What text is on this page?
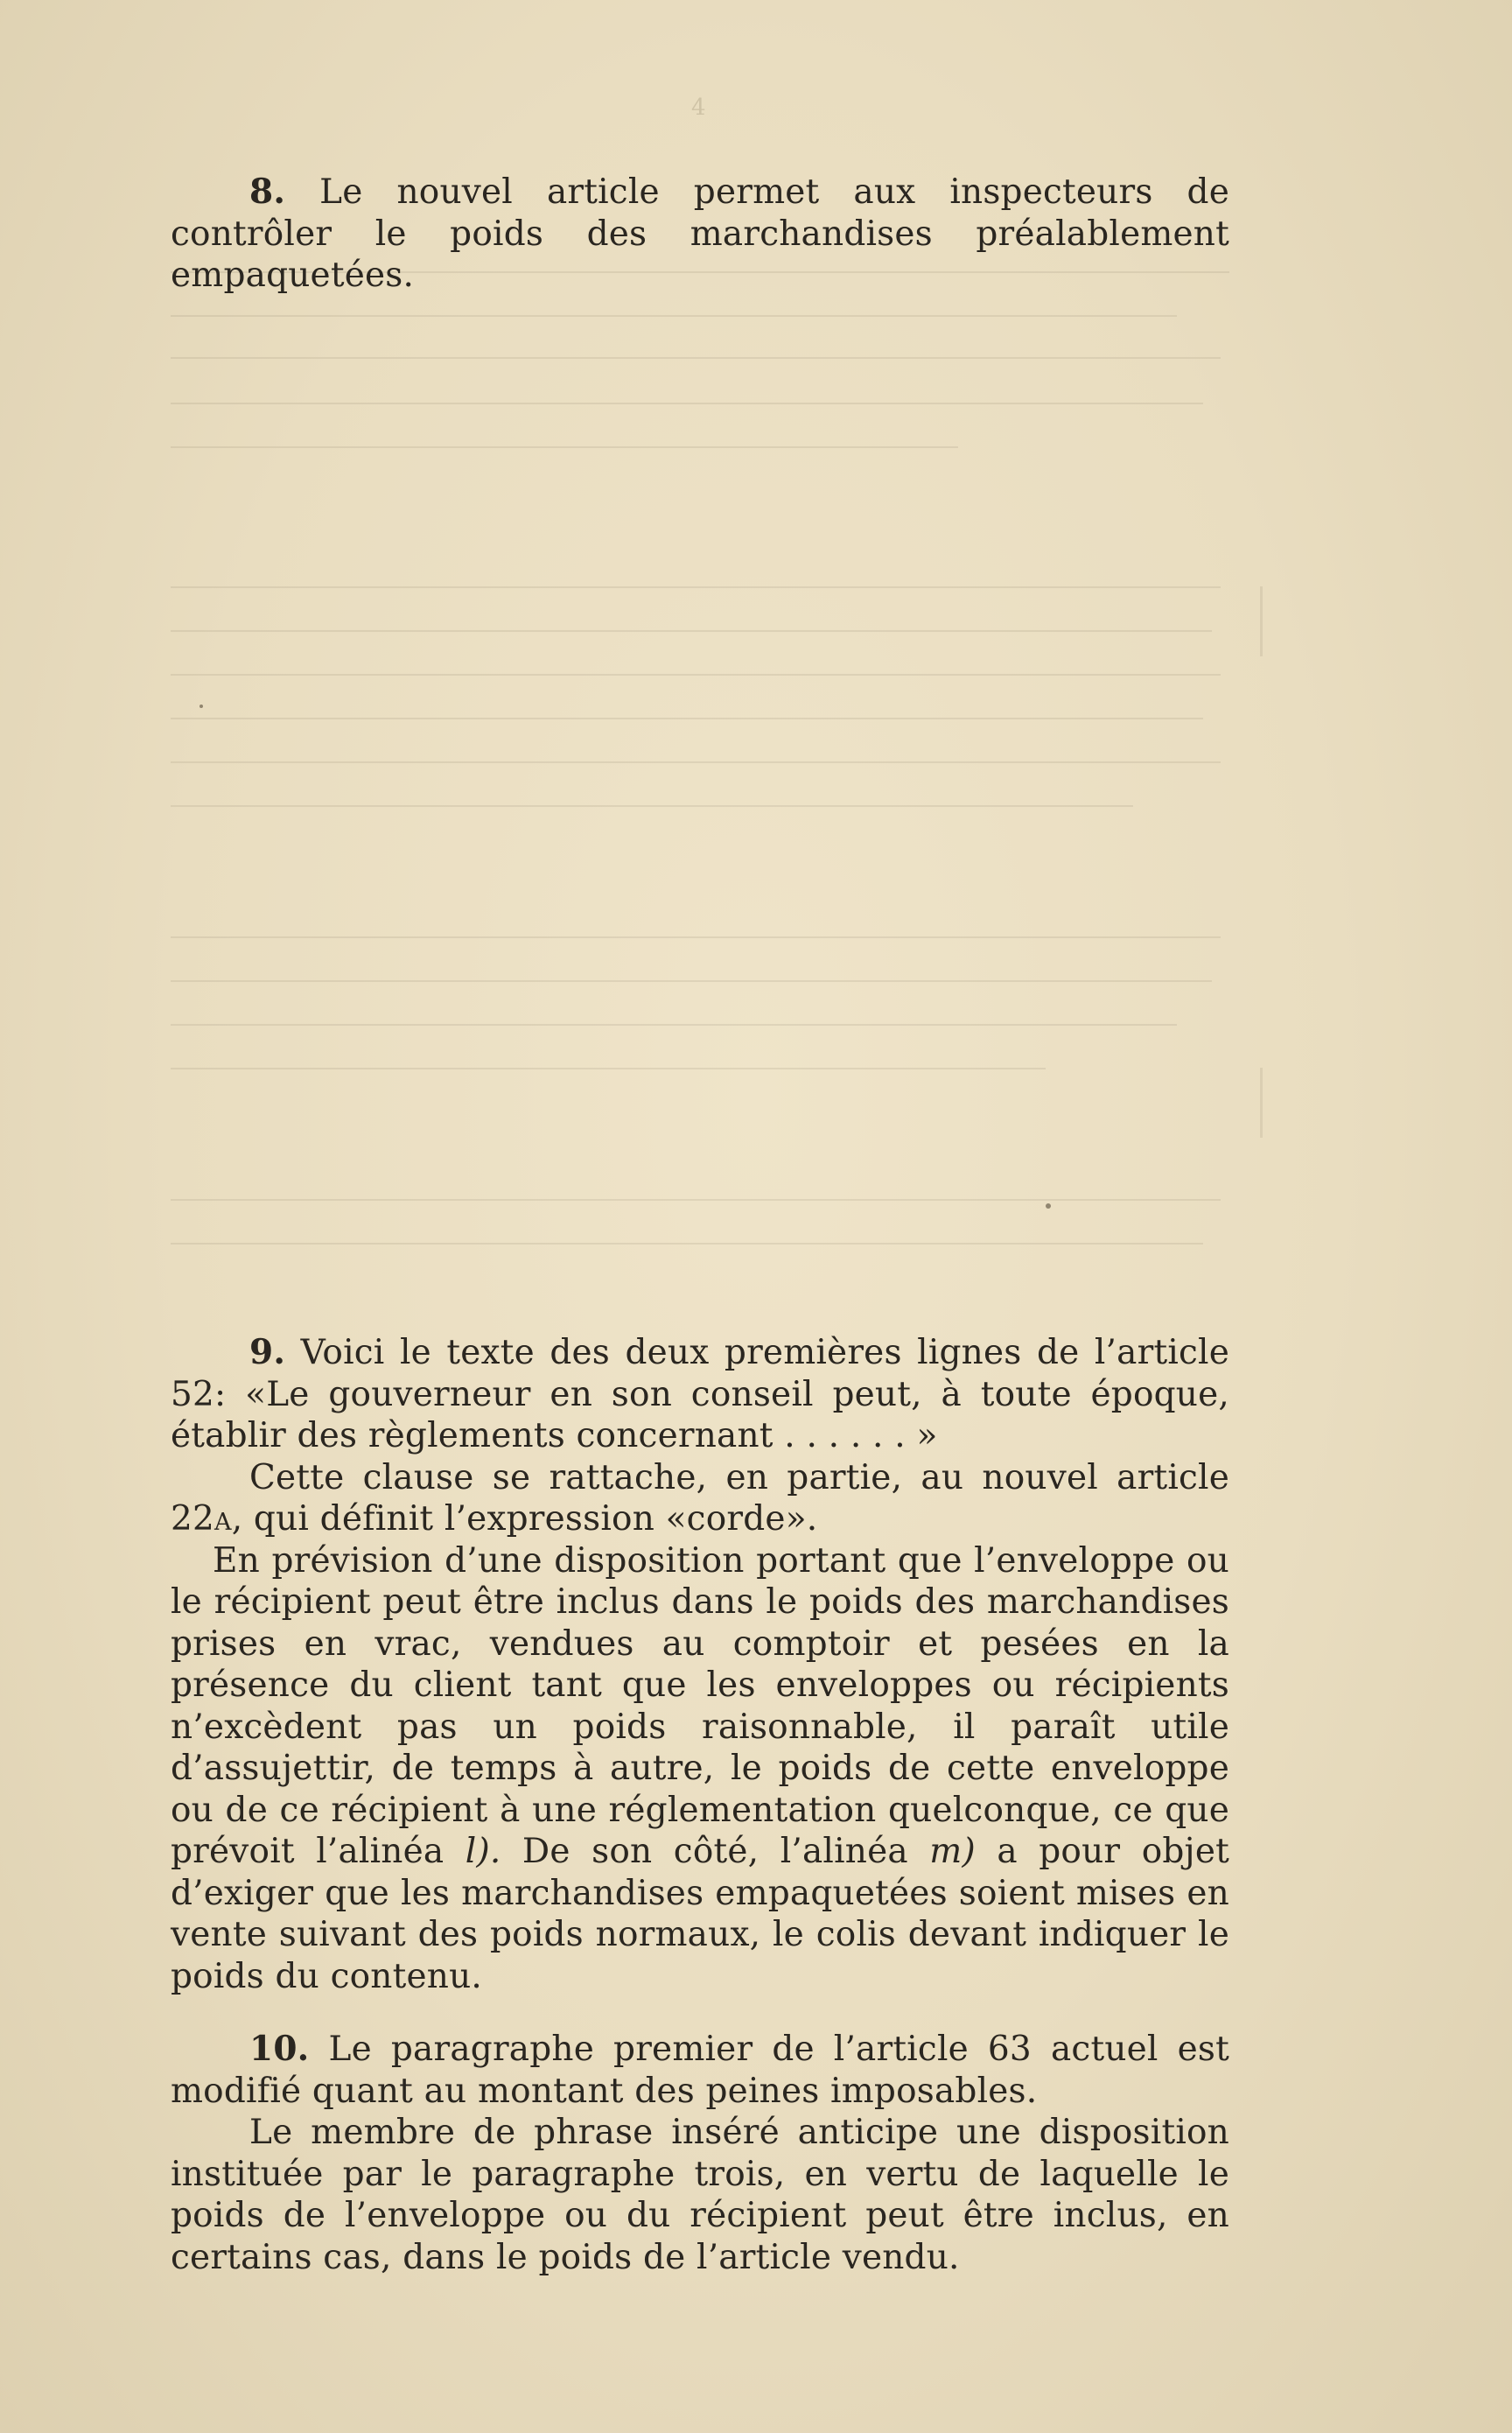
4

8. Le nouvel article permet aux inspecteurs de contrôler le poids des marchandises préalablement empaquetées.

9. Voici le texte des deux premières lignes de l’article 52: «Le gouverneur en son conseil peut, à toute époque, établir des règlements concernant . . . . . . »

Cette clause se rattache, en partie, au nouvel article 22a, qui définit l’expression «corde».

En prévision d’une disposition portant que l’enveloppe ou le récipient peut être inclus dans le poids des marchandises prises en vrac, vendues au comptoir et pesées en la présence du client tant que les enveloppes ou récipients n’excèdent pas un poids raisonnable, il paraît utile d’assujettir, de temps à autre, le poids de cette enveloppe ou de ce récipient à une réglementation quelconque, ce que prévoit l’alinéa l). De son côté, l’alinéa m) a pour objet d’exiger que les marchandises empaquetées soient mises en vente suivant des poids normaux, le colis devant indiquer le poids du contenu.

10. Le paragraphe premier de l’article 63 actuel est modifié quant au montant des peines imposables.

Le membre de phrase inséré anticipe une disposition instituée par le paragraphe trois, en vertu de laquelle le poids de l’enveloppe ou du récipient peut être inclus, en certains cas, dans le poids de l’article vendu.
